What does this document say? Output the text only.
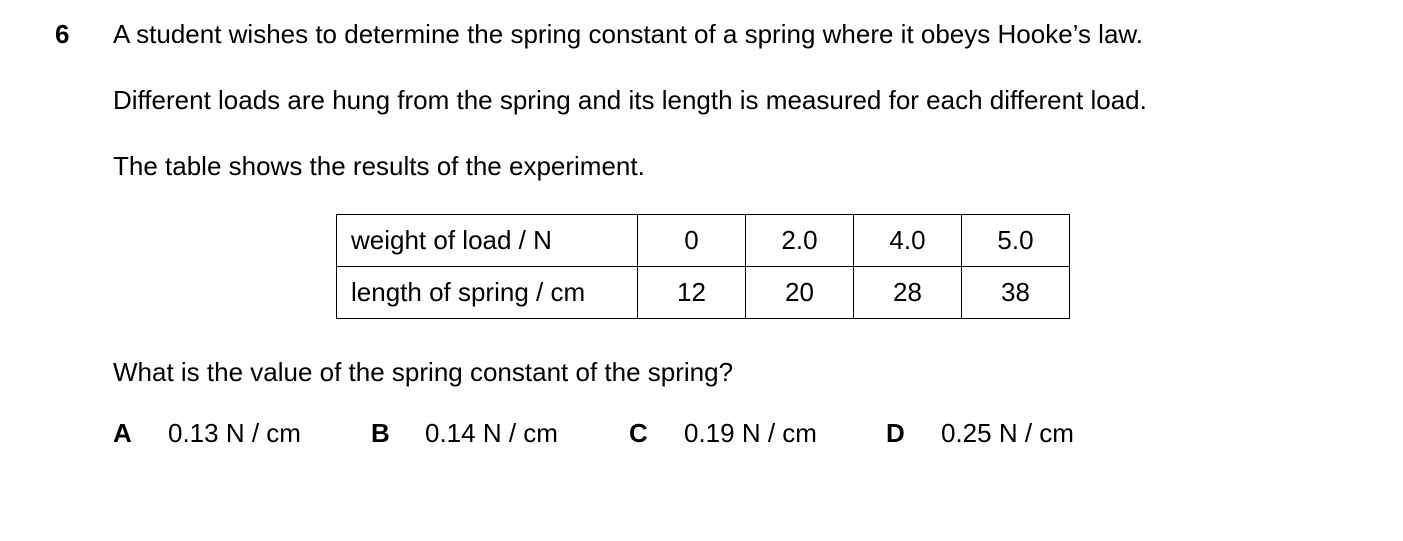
6 A student wishes to determine the spring constant of a spring where it obeys Hooke’s law.
Different loads are hung from the spring and its length is measured for each different load.
The table shows the results of the experiment.
weight of load / N	0	2.0	4.0	5.0
length of spring / cm	12	20	28	38
What is the value of the spring constant of the spring?
A 0.13 N / cm	B 0.14 N / cm	C 0.19 N / cm	D 0.25 N / cm
